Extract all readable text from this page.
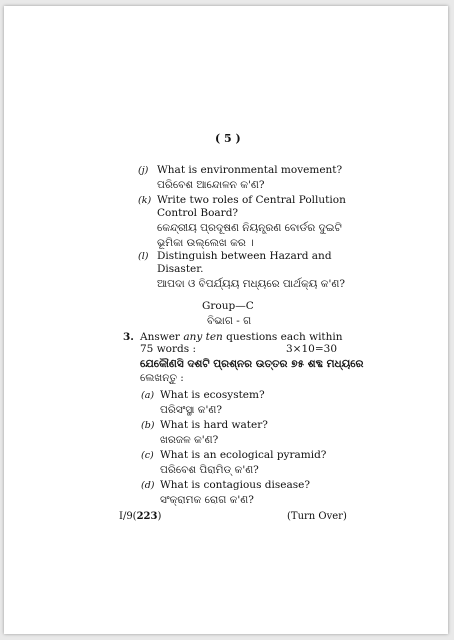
( 5 )
(j) What is environmental movement?
ପରିବେଶ ଆନ୍ଦୋଳନ କ'ଣ?
(k) Write two roles of Central Pollution
Control Board?
କେନ୍ଦ୍ରୀୟ ପ୍ରଦୂଷଣ ନିୟନ୍ତ୍ରଣ ବୋର୍ଡର ଦୁଇଟି
ଭୂମିକା ଉଲ୍ଲେଖ କର ।
(l) Distinguish between Hazard and
Disaster.
ଆପଦା ଓ ବିପର୍ଯ୍ୟୟ ମଧ୍ୟରେ ପାର୍ଥକ୍ୟ କ'ଣ?
Group—C
ବିଭାଗ - ଗ
3. Answer any ten questions each within
75 words :	3×10=30
ଯେକୌଣସି ଦଶଟି ପ୍ରଶ୍ନର ଉତ୍ତର ୭୫ ଶବ୍ଦ ମଧ୍ୟରେ
ଲେଖନ୍ତୁ :
(a) What is ecosystem?
ପରିସଂସ୍ଥା କ'ଣ?
(b) What is hard water?
ଖରଜଳ କ'ଣ?
(c) What is an ecological pyramid?
ପରିବେଶ ପିରାମିଡ୍ କ'ଣ?
(d) What is contagious disease?
ସଂକ୍ରାମକ ରୋଗ କ'ଣ?
I/9(223)	(Turn Over)
